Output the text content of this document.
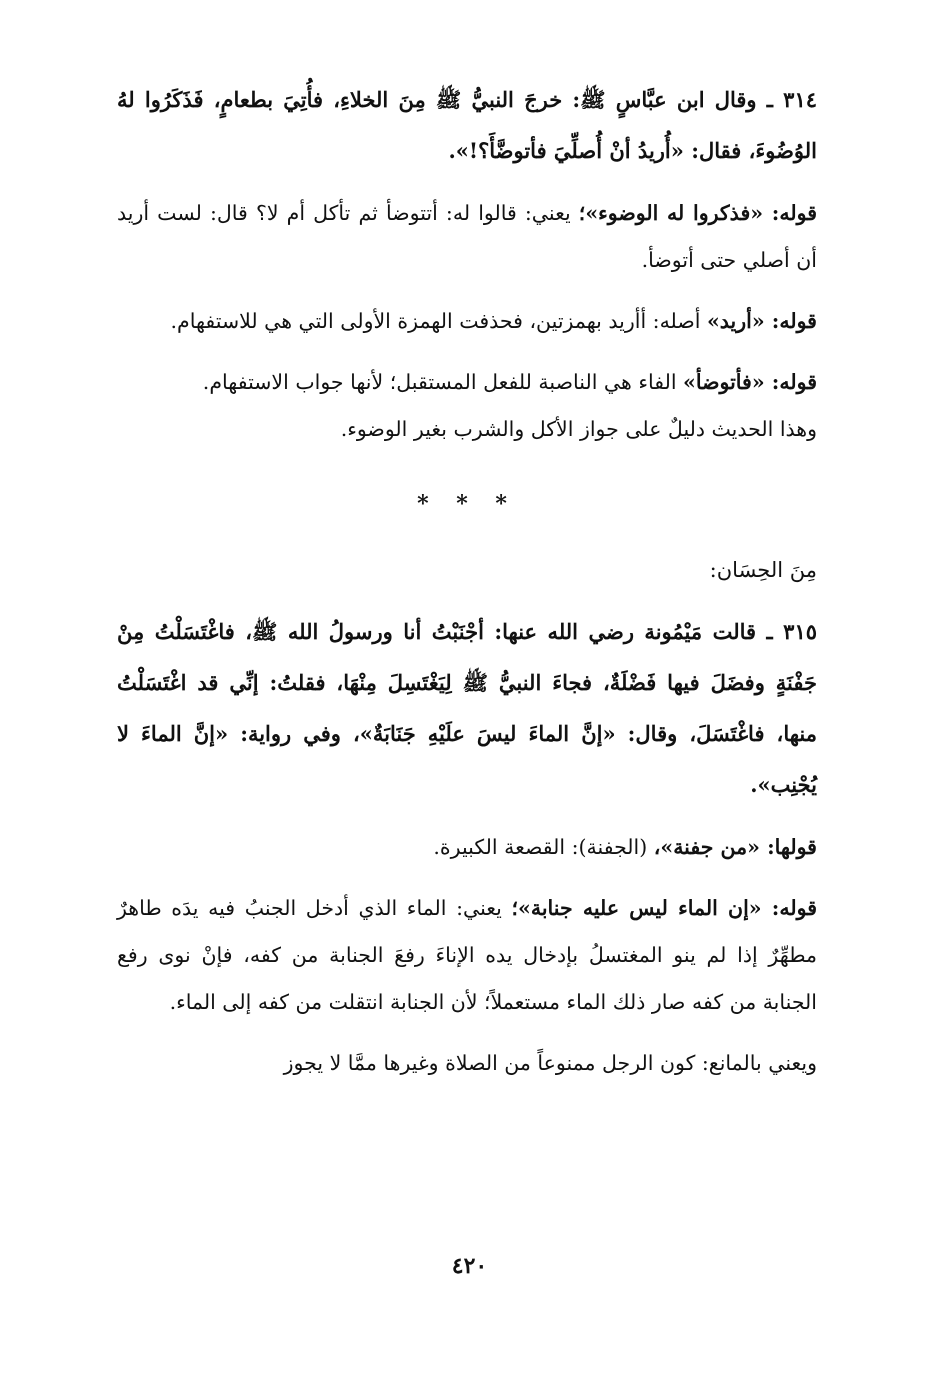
٣١٤ ـ وقال ابن عبَّاسٍ ﷺ: خرجَ النبيُّ ﷺ مِنَ الخلاءِ، فأُتِيَ بطعامٍ، فَذَكَرُوا لهُ الوُضُوءَ، فقال: «أُريدُ أنْ أُصلِّيَ فأتوضَّأَ؟!».

قوله: «فذكروا له الوضوء»؛ يعني: قالوا له: أتتوضأ ثم تأكل أم لا؟ قال: لست أريد أن أصلي حتى أتوضأ.

قوله: «أريد» أصله: أأريد بهمزتين، فحذفت الهمزة الأولى التي هي للاستفهام.

قوله: «فأتوضأ» الفاء هي الناصبة للفعل المستقبل؛ لأنها جواب الاستفهام.

وهذا الحديث دليلٌ على جواز الأكل والشرب بغير الوضوء.

* * *
مِنَ الحِسَان:

٣١٥ ـ قالت مَيْمُونة رضي الله عنها: أجْنَبْتُ أنا ورسولُ الله ﷺ، فاغْتَسَلْتُ مِنْ جَفْنَةٍ وفضَلَ فيها فَضْلَةٌ، فجاءَ النبيُّ ﷺ لِيَغْتَسِلَ مِنْهَا، فقلتُ: إنِّي قد اغْتَسَلْتُ منها، فاغْتَسَلَ، وقال: «إنَّ الماءَ ليسَ علَيْهِ جَنَابَةٌ»، وفي رواية: «إنَّ الماءَ لا يُجْنِب».

قولها: «من جفنة»، (الجفنة): القصعة الكبيرة.

قوله: «إن الماء ليس عليه جنابة»؛ يعني: الماء الذي أدخل الجنبُ فيه يدَه طاهرٌ مطهِّرٌ إذا لم ينو المغتسلُ بإدخال يده الإناءَ رفعَ الجنابة من كفه، فإنْ نوى رفع الجنابة من كفه صار ذلك الماء مستعملاً؛ لأن الجنابة انتقلت من كفه إلى الماء.

ويعني بالمانع: كون الرجل ممنوعاً من الصلاة وغيرها ممَّا لا يجوز

٤٢٠
